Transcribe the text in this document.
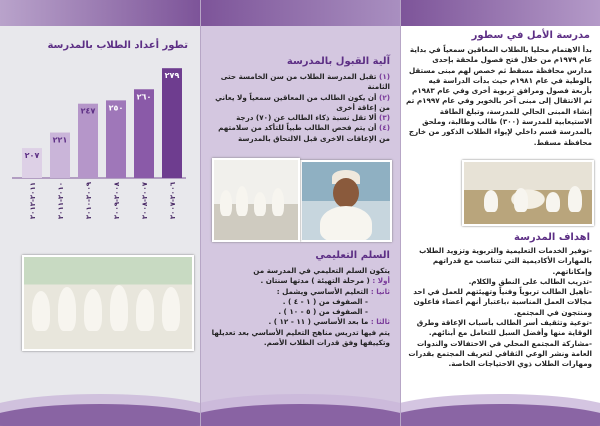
مدرسة الأمل في سطور

بدأ الاهتمام محليا بالطلاب المعاقين سمعياً في بداية عام ١٩٧٩م من خلال فتح فصول ملحقة بإحدى مدارس محافظة مسقط ثم خصص لهم مبنى مستقل بالوطية في عام ١٩٨١م حيث بدأت الدراسة فيه بأربعة فصول ومرافق تربوية أخرى وفي عام ١٩٨٣م تم الانتقال إلى مبنى آخر بالخوير وفي عام ١٩٩٧م تم إنشاء المبنى الحالي للمدرسة، وتبلغ الطاقة الاستيعابية للمدرسة (٣٠٠) طالب وطالبة، وملحق بالمدرسة قسم داخلي لإيواء الطلاب الذكور من خارج محافظة مسقط.

اهداف المدرسة

-توفير الخدمات التعليمية والتربوية وتزويد الطلاب بالمهارات الأكاديمية التي تتناسب مع قدراتهم وإمكاناتهم.

-تدريب الطالب على النطق والكلام.

-تأهيل الطالب تربوياً وفنياً وتهيئتهم للعمل في احد مجالات العمل المناسبة ،باعتبار أنهم أعضاء فاعلون ومنتجون في المجتمع.

-توعية وتثقيف أسر الطالب بأسباب الإعاقة وطرق الوقاية منها وأفضل السبل للتعامل مع أبنائهم.

-مشاركة المجتمع المحلي في الاحتفالات والندوات العامة ونشر الوعي الثقافي لتعريف المجتمع بقدرات ومهارات الطلاب ذوي الاحتياجات الخاصة.

آلية القبول بالمدرسة

(١) تقبل المدرسة الطلاب من سن الخامسة حتى الثامنة

(٢) أن يكون الطالب من المعاقين سمعياً ولا يعاني من إعاقة أخرى

(٣) ألا تقل نسبة ذكاء الطالب عن (٧٠) درجة

(٤) أن يتم فحص الطالب طبياً للتأكد من سلامتهم من الإعاقات الاخرى قبل الالتحاق بالمدرسة

السلم التعليمي

يتكون السلم التعليمي في المدرسة من

أولا : ( مرحلة التهيئة ) مدتها سنتان .

ثانيا : التعليم الأساسي ويشمل :

- الصفوف من ( ١ - ٤ ) .

- الصفوف من ( ٥ - ١٠ ) .

ثالثا : ما بعد الأساسي ( ١١ - ١٢ ) .

يتم فيها تدريس مناهج التعليم الأساسي بعد تعديلها وتكييفها وفق قدرات الطلاب الأصم.

تطور أعداد الطلاب بالمدرسة
٢٧٩
٢٦٠
٢٥٠
٢٤٧
٢٢١
٢٠٧
٢٠٠٦-٢٠٠٧
٢٠٠٧-٢٠٠٨
٢٠٠٨-٢٠٠٩
٢٠٠٩-٢٠١٠
٢٠١٠-٢٠١١
٢٠١١-٢٠١٢
